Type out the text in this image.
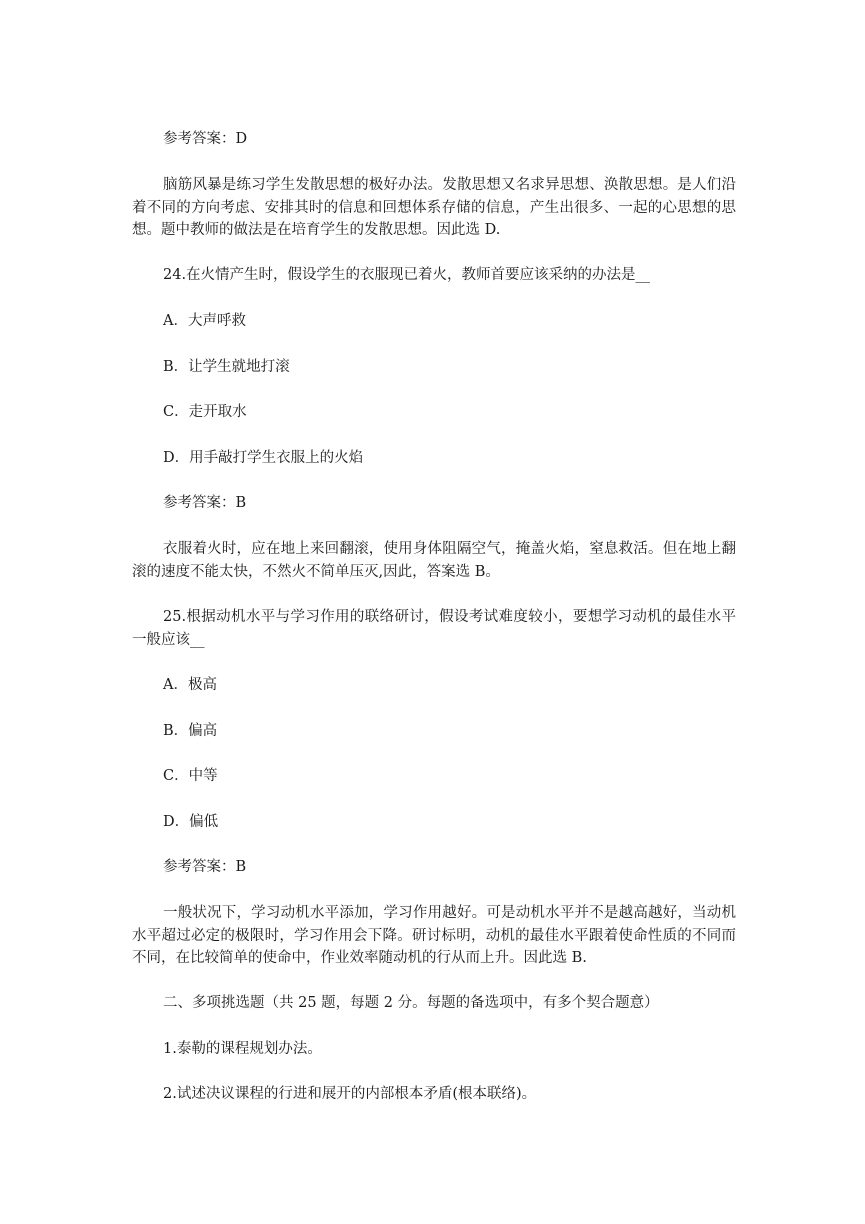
参考答案：D

脑筋风暴是练习学生发散思想的极好办法。发散思想又名求异思想、涣散思想。是人们沿着不同的方向考虑、安排其时的信息和回想体系存储的信息，产生出很多、一起的心思想的思想。题中教师的做法是在培育学生的发散思想。因此选 D.

24.在火情产生时，假设学生的衣服现已着火，教师首要应该采纳的办法是__

A．大声呼救

B．让学生就地打滚

C．走开取水

D．用手敲打学生衣服上的火焰

参考答案：B

衣服着火时，应在地上来回翻滚，使用身体阻隔空气，掩盖火焰，窒息救活。但在地上翻滚的速度不能太快，不然火不简单压灭,因此，答案选 B。

25.根据动机水平与学习作用的联络研讨，假设考试难度较小，要想学习动机的最佳水平一般应该__

A．极高

B．偏高

C．中等

D．偏低

参考答案：B

一般状况下，学习动机水平添加，学习作用越好。可是动机水平并不是越高越好，当动机水平超过必定的极限时，学习作用会下降。研讨标明，动机的最佳水平跟着使命性质的不同而不同，在比较简单的使命中，作业效率随动机的行从而上升。因此选 B.

二、多项挑选题（共 25 题，每题 2 分。每题的备选项中，有多个契合题意）

1.泰勒的课程规划办法。

2.试述决议课程的行进和展开的内部根本矛盾(根本联络)。
